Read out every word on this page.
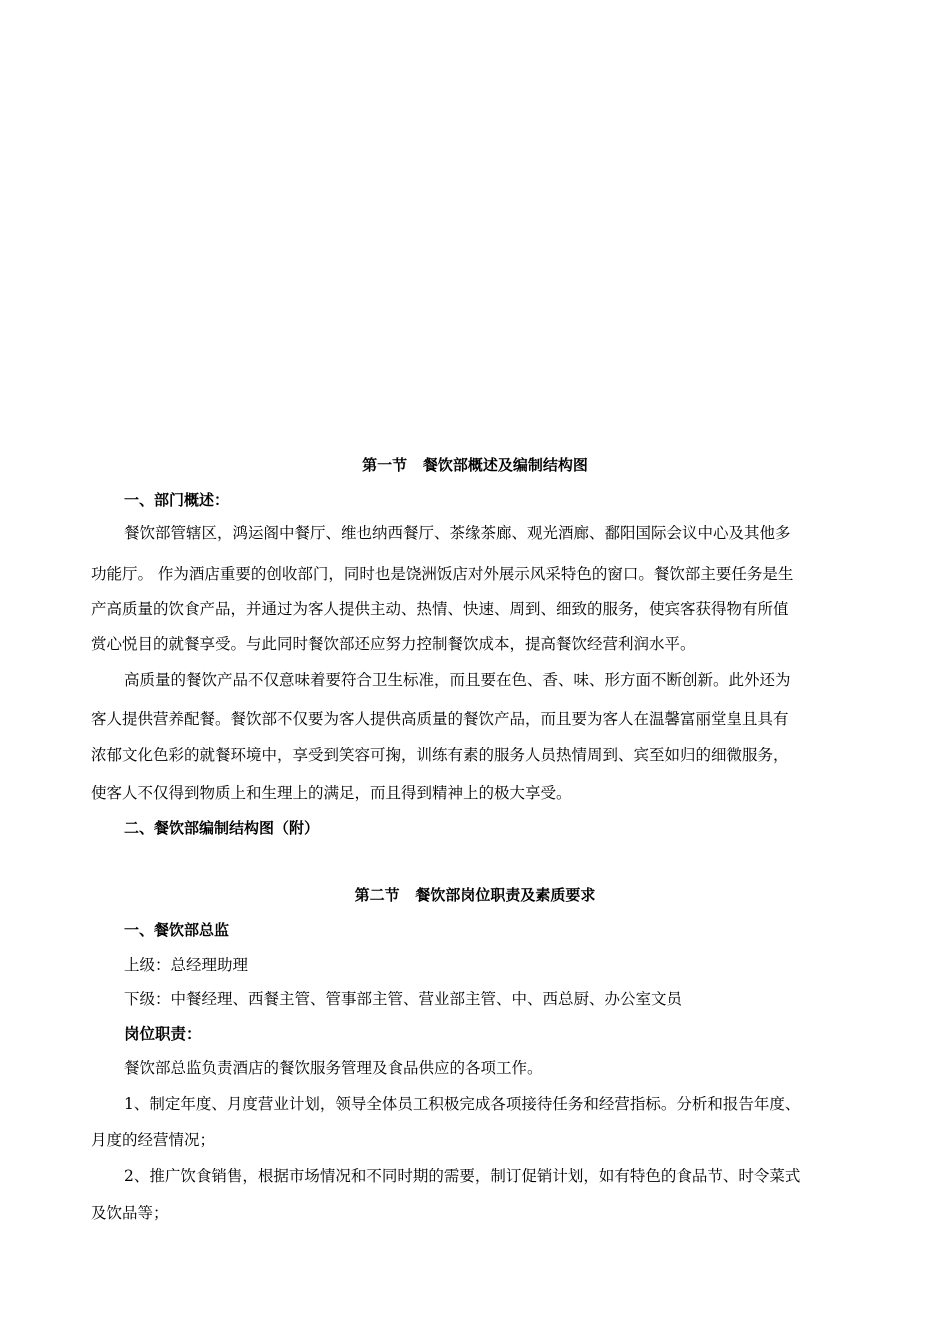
第一节   餐饮部概述及编制结构图
一、部门概述：
餐饮部管辖区，鸿运阁中餐厅、维也纳西餐厅、茶缘茶廊、观光酒廊、鄱阳国际会议中心及其他多
功能厅。 作为酒店重要的创收部门，同时也是饶洲饭店对外展示风采特色的窗口。餐饮部主要任务是生
产高质量的饮食产品，并通过为客人提供主动、热情、快速、周到、细致的服务，使宾客获得物有所值
赏心悦目的就餐享受。与此同时餐饮部还应努力控制餐饮成本，提高餐饮经营利润水平。
高质量的餐饮产品不仅意味着要符合卫生标准，而且要在色、香、味、形方面不断创新。此外还为
客人提供营养配餐。餐饮部不仅要为客人提供高质量的餐饮产品，而且要为客人在温馨富丽堂皇且具有
浓郁文化色彩的就餐环境中，享受到笑容可掬，训练有素的服务人员热情周到、宾至如归的细微服务，
使客人不仅得到物质上和生理上的满足，而且得到精神上的极大享受。
二、餐饮部编制结构图（附）
第二节   餐饮部岗位职责及素质要求
一、餐饮部总监
上级：总经理助理
下级：中餐经理、西餐主管、管事部主管、营业部主管、中、西总厨、办公室文员
岗位职责：
餐饮部总监负责酒店的餐饮服务管理及食品供应的各项工作。
1、制定年度、月度营业计划，领导全体员工积极完成各项接待任务和经营指标。分析和报告年度、
月度的经营情况；
2、推广饮食销售，根据市场情况和不同时期的需要，制订促销计划，如有特色的食品节、时令菜式
及饮品等；
